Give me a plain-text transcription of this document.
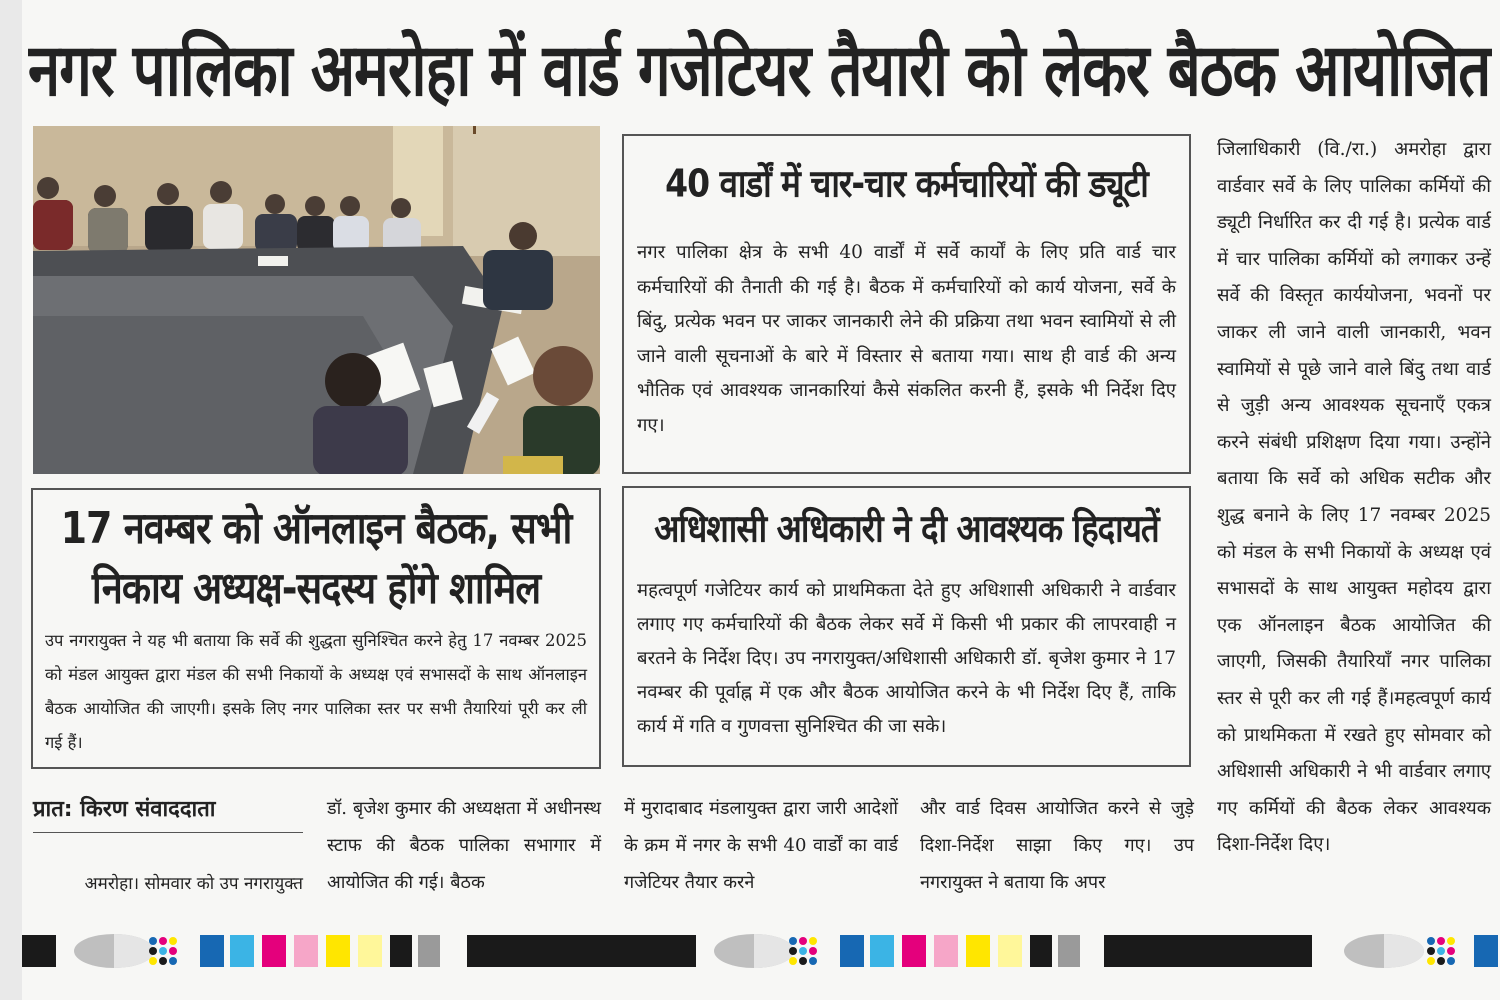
नगर पालिका अमरोहा में वार्ड गजेटियर तैयारी को लेकर बैठक आयोजित
40 वार्डों में चार-चार कर्मचारियों की ड्यूटी

नगर पालिका क्षेत्र के सभी 40 वार्डों में सर्वे कार्यों के लिए प्रति वार्ड चार कर्मचारियों की तैनाती की गई है। बैठक में कर्मचारियों को कार्य योजना, सर्वे के बिंदु, प्रत्येक भवन पर जाकर जानकारी लेने की प्रक्रिया तथा भवन स्वामियों से ली जाने वाली सूचनाओं के बारे में विस्तार से बताया गया। साथ ही वार्ड की अन्य भौतिक एवं आवश्यक जानकारियां कैसे संकलित करनी हैं, इसके भी निर्देश दिए गए।

17 नवम्बर को ऑनलाइन बैठक, सभी निकाय अध्यक्ष-सदस्य होंगे शामिल

उप नगरायुक्त ने यह भी बताया कि सर्वे की शुद्धता सुनिश्चित करने हेतु 17 नवम्बर 2025 को मंडल आयुक्त द्वारा मंडल की सभी निकायों के अध्यक्ष एवं सभासदों के साथ ऑनलाइन बैठक आयोजित की जाएगी। इसके लिए नगर पालिका स्तर पर सभी तैयारियां पूरी कर ली गई हैं।

अधिशासी अधिकारी ने दी आवश्यक हिदायतें

महत्वपूर्ण गजेटियर कार्य को प्राथमिकता देते हुए अधिशासी अधिकारी ने वार्डवार लगाए गए कर्मचारियों की बैठक लेकर सर्वे में किसी भी प्रकार की लापरवाही न बरतने के निर्देश दिए। उप नगरायुक्त/अधिशासी अधिकारी डॉ. बृजेश कुमार ने 17 नवम्बर की पूर्वाह्न में एक और बैठक आयोजित करने के भी निर्देश दिए हैं, ताकि कार्य में गति व गुणवत्ता सुनिश्चित की जा सके।

जिलाधिकारी (वि./रा.) अमरोहा द्वारा वार्डवार सर्वे के लिए पालिका कर्मियों की ड्यूटी निर्धारित कर दी गई है। प्रत्येक वार्ड में चार पालिका कर्मियों को लगाकर उन्हें सर्वे की विस्तृत कार्ययोजना, भवनों पर जाकर ली जाने वाली जानकारी, भवन स्वामियों से पूछे जाने वाले बिंदु तथा वार्ड से जुड़ी अन्य आवश्यक सूचनाएँ एकत्र करने संबंधी प्रशिक्षण दिया गया। उन्होंने बताया कि सर्वे को अधिक सटीक और शुद्ध बनाने के लिए 17 नवम्बर 2025 को मंडल के सभी निकायों के अध्यक्ष एवं सभासदों के साथ आयुक्त महोदय द्वारा एक ऑनलाइन बैठक आयोजित की जाएगी, जिसकी तैयारियाँ नगर पालिका स्तर से पूरी कर ली गई हैं।महत्वपूर्ण कार्य को प्राथमिकता में रखते हुए सोमवार को अधिशासी अधिकारी ने भी वार्डवार लगाए गए कर्मियों की बैठक लेकर आवश्यक दिशा-निर्देश दिए।
प्रात: किरण संवाददाता
अमरोहा। सोमवार को उप नगरायुक्त
डॉ. बृजेश कुमार की अध्यक्षता में अधीनस्थ स्टाफ की बैठक पालिका सभागार में आयोजित की गई। बैठक
में मुरादाबाद मंडलायुक्त द्वारा जारी आदेशों के क्रम में नगर के सभी 40 वार्डों का वार्ड गजेटियर तैयार करने
और वार्ड दिवस आयोजित करने से जुड़े दिशा-निर्देश साझा किए गए। उप नगरायुक्त ने बताया कि अपर
